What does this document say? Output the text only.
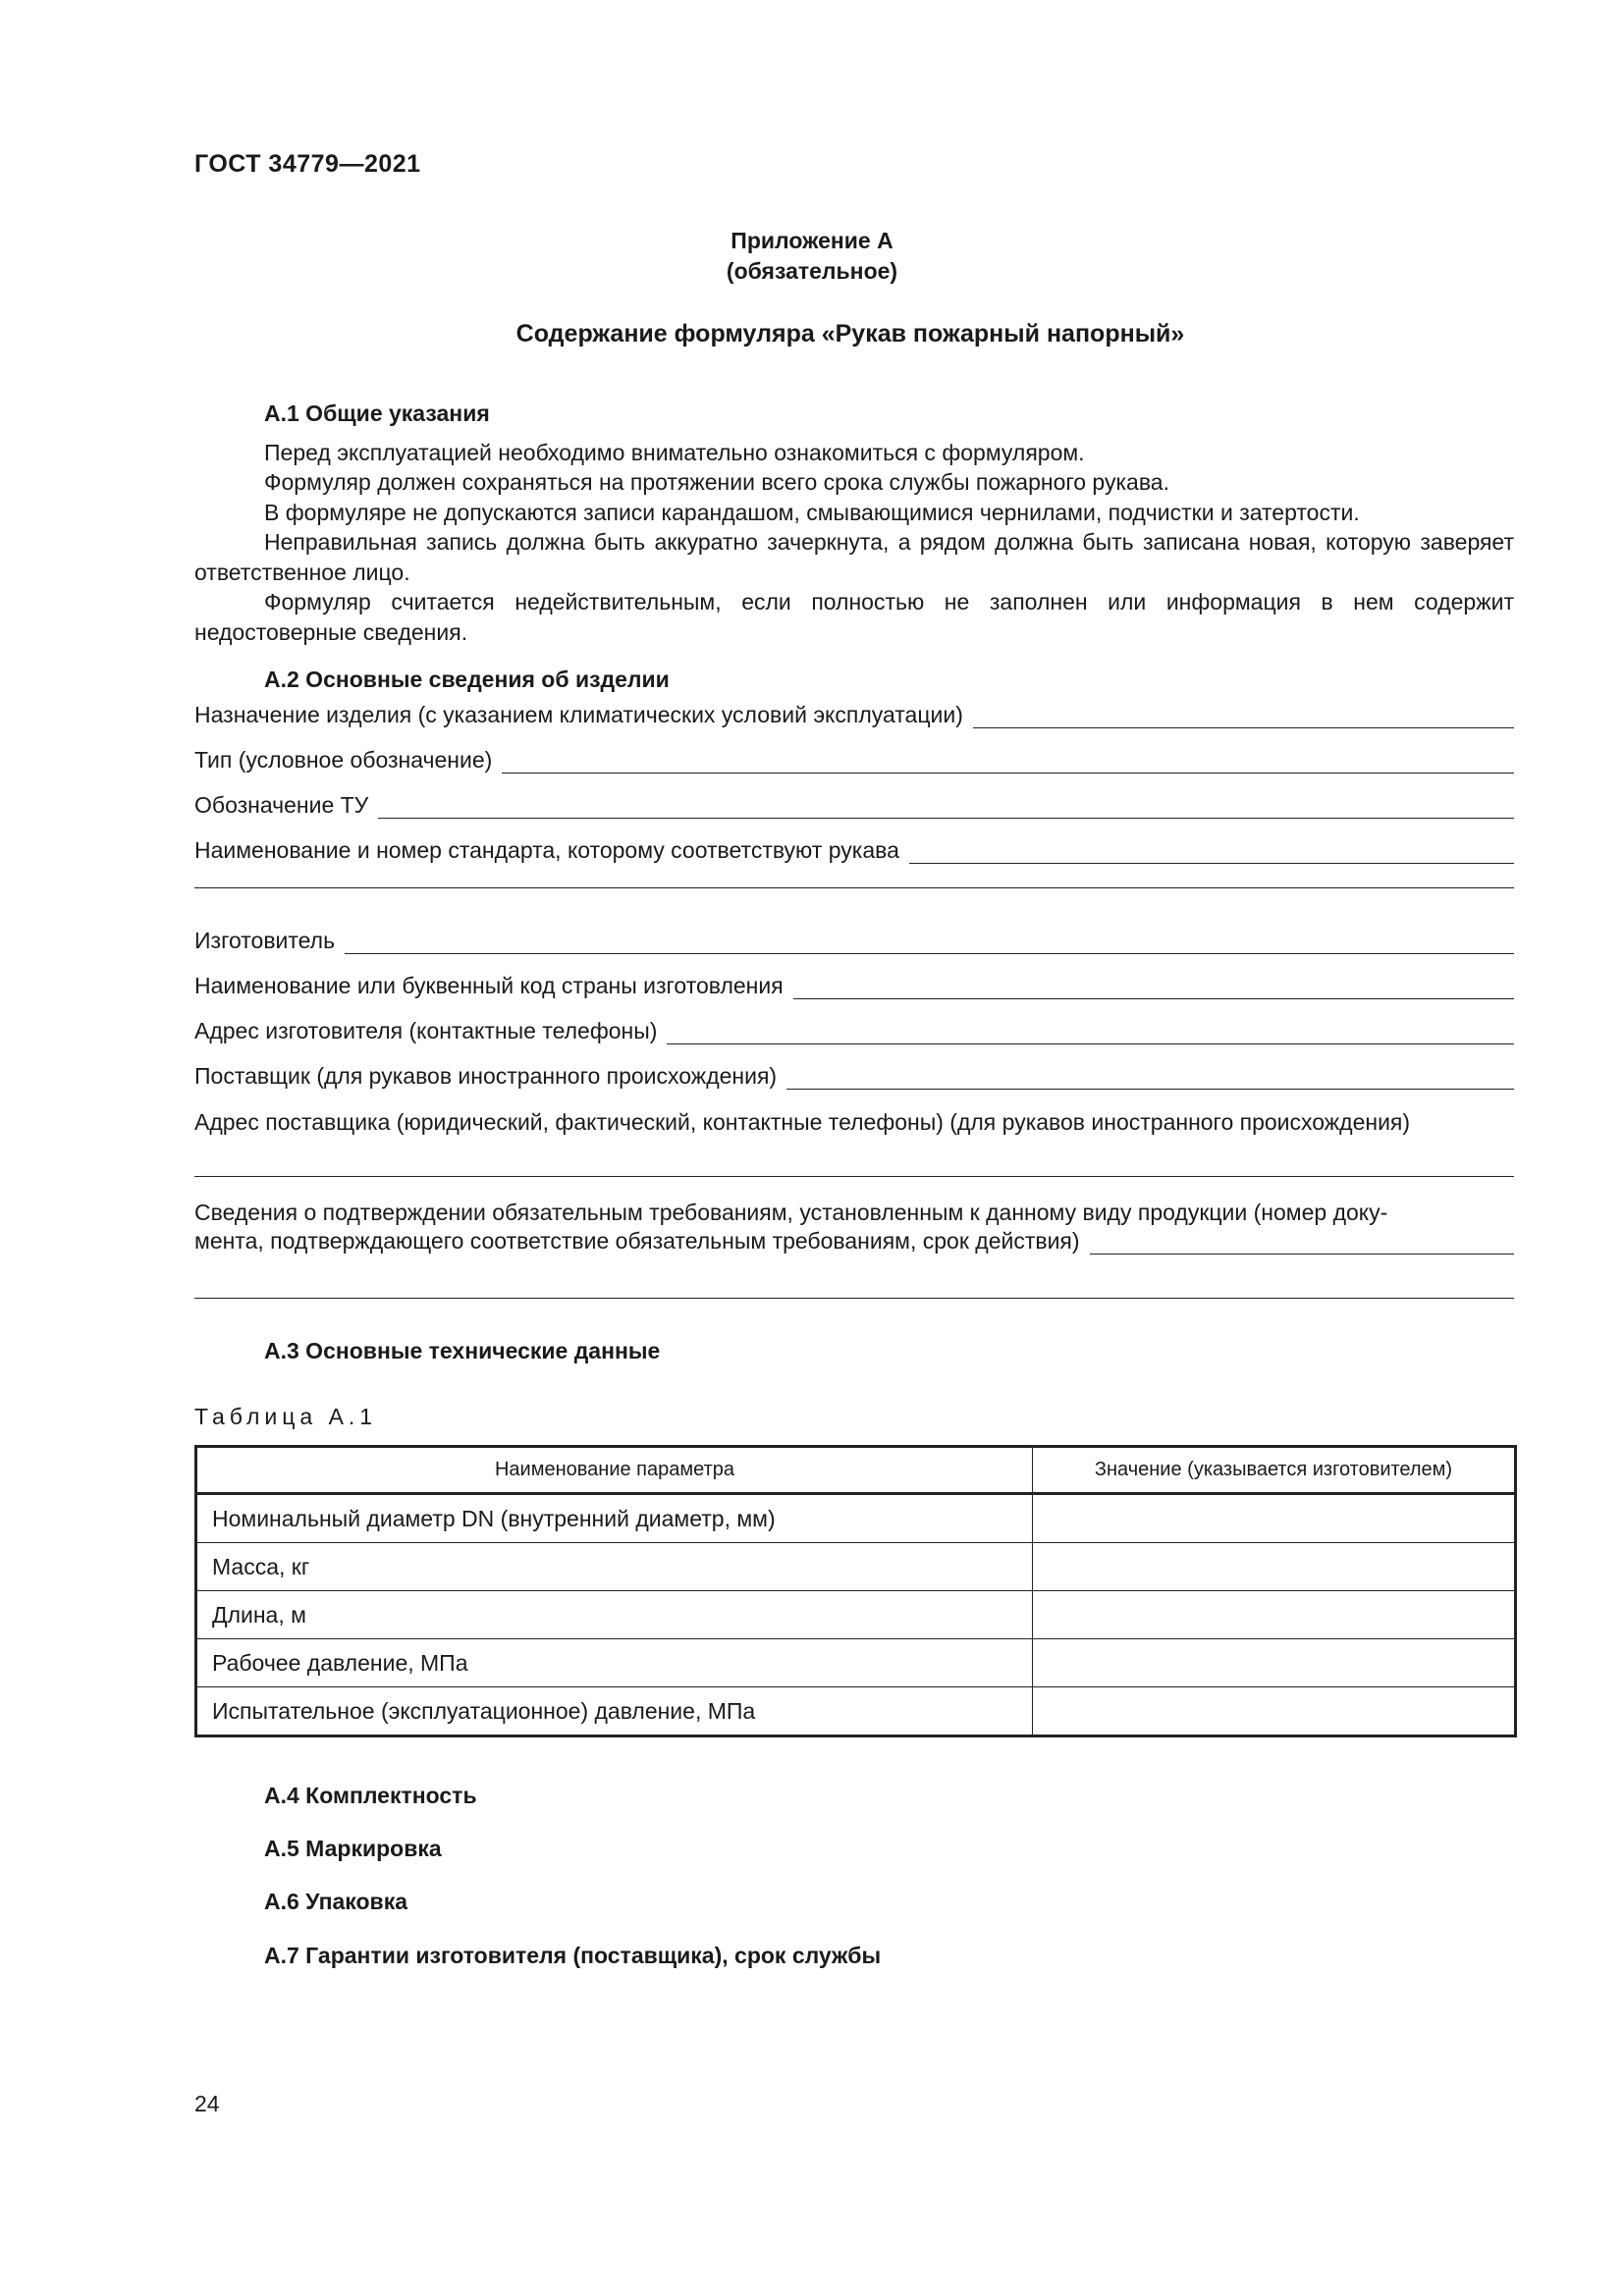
ГОСТ 34779—2021
Приложение А
(обязательное)
Содержание формуляра «Рукав пожарный напорный»
А.1 Общие указания
Перед эксплуатацией необходимо внимательно ознакомиться с формуляром.
Формуляр должен сохраняться на протяжении всего срока службы пожарного рукава.
В формуляре не допускаются записи карандашом, смывающимися чернилами, подчистки и затертости.
Неправильная запись должна быть аккуратно зачеркнута, а рядом должна быть записана новая, которую заверяет ответственное лицо.
Формуляр считается недействительным, если полностью не заполнен или информация в нем содержит недостоверные сведения.
А.2 Основные сведения об изделии
Назначение изделия (с указанием климатических условий эксплуатации)
Тип (условное обозначение)
Обозначение ТУ
Наименование и номер стандарта, которому соответствуют рукава
Изготовитель
Наименование или буквенный код страны изготовления
Адрес изготовителя (контактные телефоны)
Поставщик (для рукавов иностранного происхождения)
Адрес поставщика (юридический, фактический, контактные телефоны) (для рукавов иностранного происхождения)
Сведения о подтверждении обязательным требованиям, установленным к данному виду продукции (номер доку-
мента, подтверждающего соответствие обязательным требованиям, срок действия)
А.3 Основные технические данные
Таблица А.1
Наименование параметра	Значение (указывается изготовителем)
Номинальный диаметр DN (внутренний диаметр, мм)	
Масса, кг	
Длина, м	
Рабочее давление, МПа	
Испытательное (эксплуатационное) давление, МПа	
А.4 Комплектность
А.5 Маркировка
А.6 Упаковка
А.7 Гарантии изготовителя (поставщика), срок службы
24
